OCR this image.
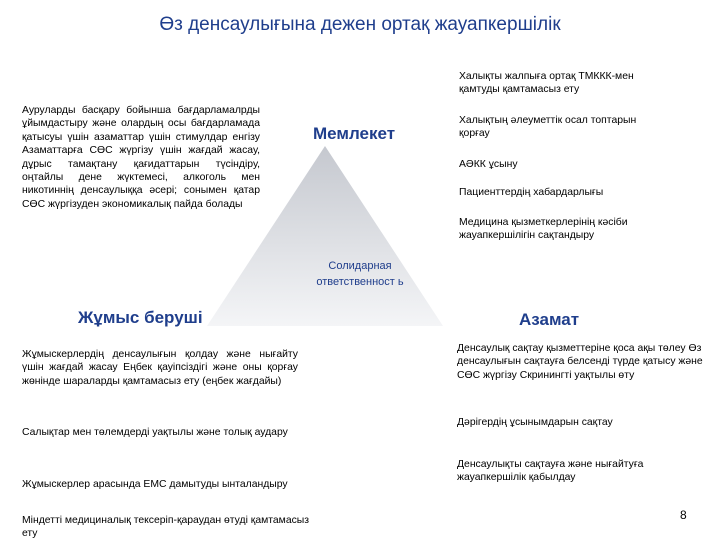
Өз денсаулығына дежен ортақ жауапкершілік
Халықты жалпыға ортақ ТМККК-мен қамтуды қамтамасыз ету
Мемлекет
Халықтың әлеуметтік осал топтарын қорғау
АӘКК ұсыну
Пациенттердің хабардарлығы
Медицина қызметкерлерінің кәсіби жауапкершілігін сақтандыру
Ауруларды басқару бойынша бағдарламалрды ұйымдастыру және олардың осы бағдарламада қатысуы үшін азаматтар үшін стимулдар енгізу Азаматтарға СӨС жүргізу үшін жағдай жасау, дұрыс тамақтану қағидаттарын түсіндіру, оңтайлы дене жүктемесі, алкоголь мен никотиннің денсаулыққа әсері; сонымен қатар СӨС жүргізуден экономикалық пайда болады
Солидарная ответственност ь
Жұмыс беруші
Жұмыскерлердің денсаулығын қолдау және нығайту үшін жағдай жасау Еңбек қауіпсіздігі және оны қорғау жөнінде шараларды қамтамасыз ету (еңбек жағдайы)
Салықтар мен төлемдерді уақтылы және толық аудару
Жұмыскерлер арасында ЕМС дамытуды ынталандыру
Міндетті медициналық тексеріп-қараудан өтуді қамтамасыз ету
Азамат
Денсаулық сақтау қызметтеріне қоса ақы төлеу Өз денсаулығын сақтауға белсенді түрде қатысу және СӨС жүргізу Скринингті уақтылы өту
Дәрігердің ұсынымдарын сақтау
Денсаулықты сақтауға және нығайтуға жауапкершілік қабылдау
8
